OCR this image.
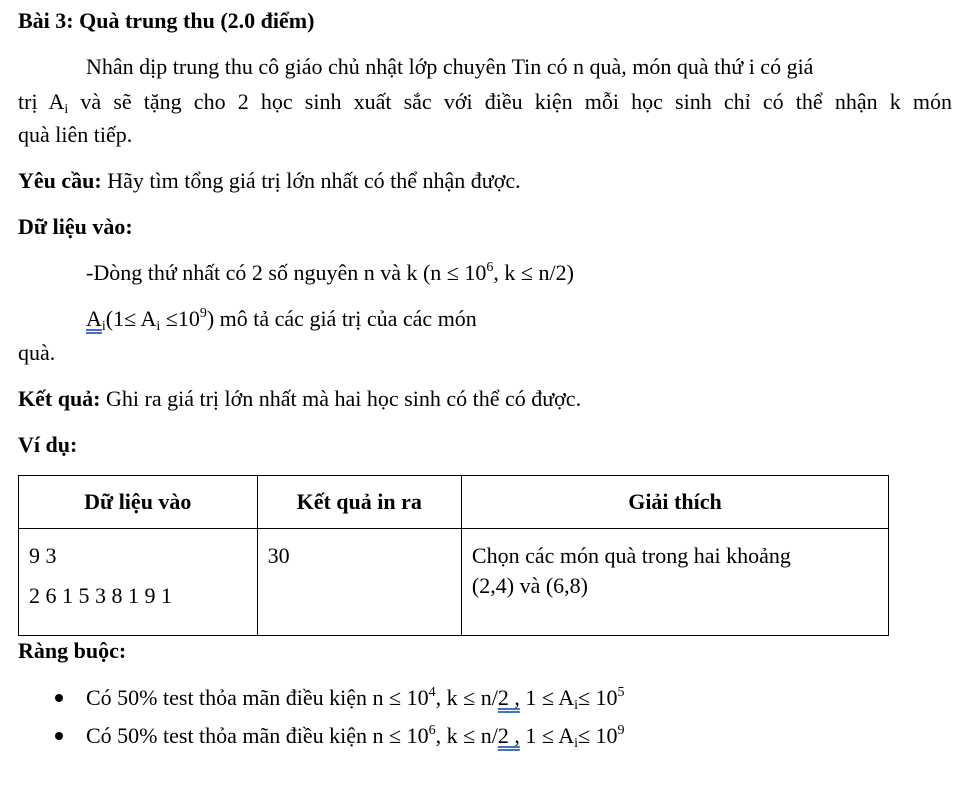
Bài 3: Quà trung thu (2.0 điểm)
Nhân dịp trung thu cô giáo chủ nhật lớp chuyên Tin có n quà, món quà thứ i có giá
trị $A_i$ và sẽ tặng cho 2 học sinh xuất sắc với điều kiện mỗi học sinh chỉ có thể nhận k món
quà liên tiếp.
Yêu cầu: Hãy tìm tổng giá trị lớn nhất có thể nhận được.
Dữ liệu vào:
-Dòng thứ nhất có 2 số nguyên n và k ($n \le 10^6$, k ≤ n/2)
$A_i(1\le A_i \le 10^9)$ mô tả các giá trị của các món
quà.
Kết quả: Ghi ra giá trị lớn nhất mà hai học sinh có thể có được.
Ví dụ:
Dữ liệu vào	Kết quả in ra	Giải thích

9 3
2 6 1 5 3 8 1 9 1	30	Chọn các món quà trong hai khoảng
(2,4) và (6,8)
Ràng buộc:
Có 50% test thỏa mãn điều kiện $n \le 10^4$, k ≤ n/2 , $1 \le A_i\le 10^5$
Có 50% test thỏa mãn điều kiện $n \le 10^6$, k ≤ n/2 , $1 \le A_i\le 10^9$
